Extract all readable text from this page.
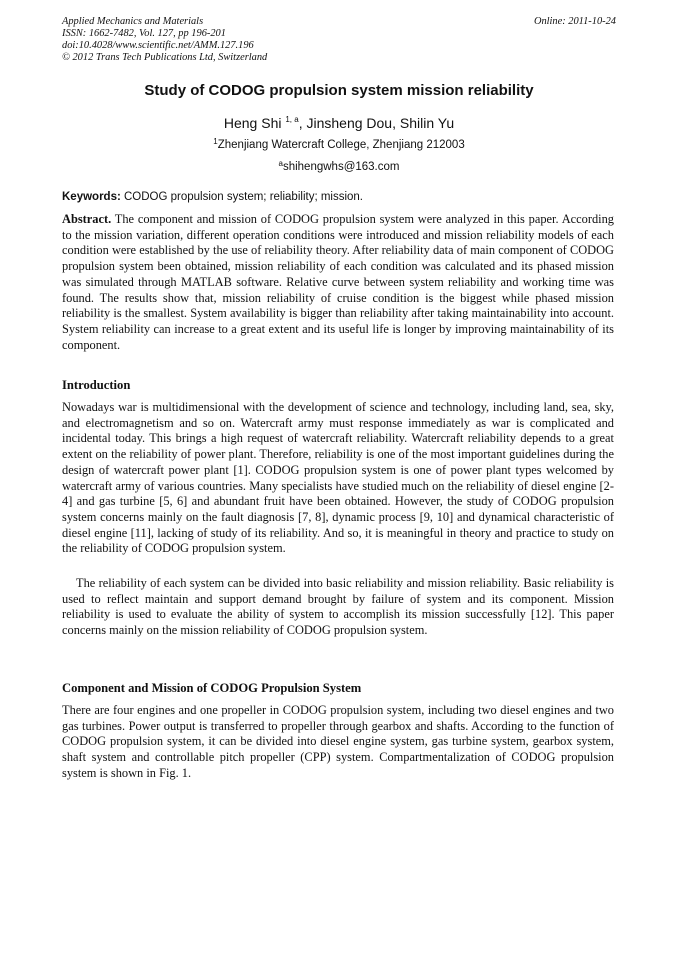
Applied Mechanics and Materials
ISSN: 1662-7482, Vol. 127, pp 196-201
doi:10.4028/www.scientific.net/AMM.127.196
© 2012 Trans Tech Publications Ltd, Switzerland
Online: 2011-10-24
Study of CODOG propulsion system mission reliability
Heng Shi $^{1, a}$, Jinsheng Dou, Shilin Yu
$^1$Zhenjiang Watercraft College, Zhenjiang 212003
$^a$shihengwhs@163.com
Keywords: CODOG propulsion system; reliability; mission.
Abstract. The component and mission of CODOG propulsion system were analyzed in this paper. According to the mission variation, different operation conditions were introduced and mission reliability models of each condition were established by the use of reliability theory. After reliability data of main component of CODOG propulsion system been obtained, mission reliability of each condition was calculated and its phased mission was simulated through MATLAB software. Relative curve between system reliability and working time was found. The results show that, mission reliability of cruise condition is the biggest while phased mission reliability is the smallest. System availability is bigger than reliability after taking maintainability into account. System reliability can increase to a great extent and its useful life is longer by improving maintainability of its component.
Introduction
Nowadays war is multidimensional with the development of science and technology, including land, sea, sky, and electromagnetism and so on. Watercraft army must response immediately as war is complicated and incidental today. This brings a high request of watercraft reliability. Watercraft reliability depends to a great extent on the reliability of power plant. Therefore, reliability is one of the most important guidelines during the design of watercraft power plant [1]. CODOG propulsion system is one of power plant types welcomed by watercraft army of various countries. Many specialists have studied much on the reliability of diesel engine [2-4] and gas turbine [5, 6] and abundant fruit have been obtained. However, the study of CODOG propulsion system concerns mainly on the fault diagnosis [7, 8], dynamic process [9, 10] and dynamical characteristic of diesel engine [11], lacking of study of its reliability. And so, it is meaningful in theory and practice to study on the reliability of CODOG propulsion system.
The reliability of each system can be divided into basic reliability and mission reliability. Basic reliability is used to reflect maintain and support demand brought by failure of system and its component. Mission reliability is used to evaluate the ability of system to accomplish its mission successfully [12]. This paper concerns mainly on the mission reliability of CODOG propulsion system.
Component and Mission of CODOG Propulsion System
There are four engines and one propeller in CODOG propulsion system, including two diesel engines and two gas turbines. Power output is transferred to propeller through gearbox and shafts. According to the function of CODOG propulsion system, it can be divided into diesel engine system, gas turbine system, gearbox system, shaft system and controllable pitch propeller (CPP) system. Compartmentalization of CODOG propulsion system is shown in Fig. 1.
